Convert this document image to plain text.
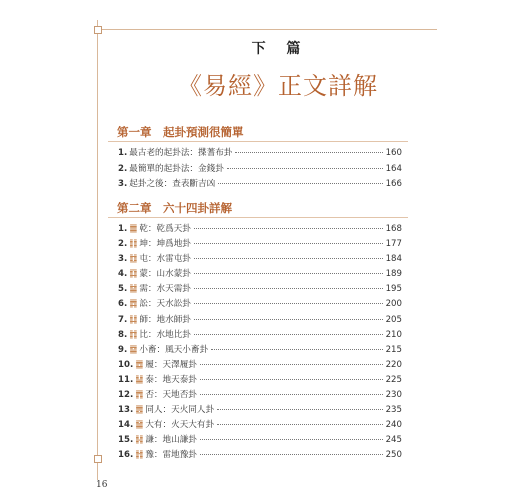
下 篇
《易經》正文詳解
第一章　起卦預測很簡單
1. 最古老的起卦法：揲蓍布卦	160
2. 最簡單的起卦法：金錢卦	164
3. 起卦之後：查表斷吉凶	166
第二章　六十四卦詳解
1. ䷀ 乾：乾爲天卦	168
2. ䷁ 坤：坤爲地卦	177
3. ䷂ 屯：水雷屯卦	184
4. ䷃ 蒙：山水蒙卦	189
5. ䷄ 需：水天需卦	195
6. ䷅ 訟：天水訟卦	200
7. ䷆ 師：地水師卦	205
8. ䷇ 比：水地比卦	210
9. ䷈ 小畜：風天小畜卦	215
10. ䷉ 履：天澤履卦	220
11. ䷊ 泰：地天泰卦	225
12. ䷋ 否：天地否卦	230
13. ䷌ 同人：天火同人卦	235
14. ䷍ 大有：火天大有卦	240
15. ䷎ 謙：地山謙卦	245
16. ䷏ 豫：雷地豫卦	250
16
